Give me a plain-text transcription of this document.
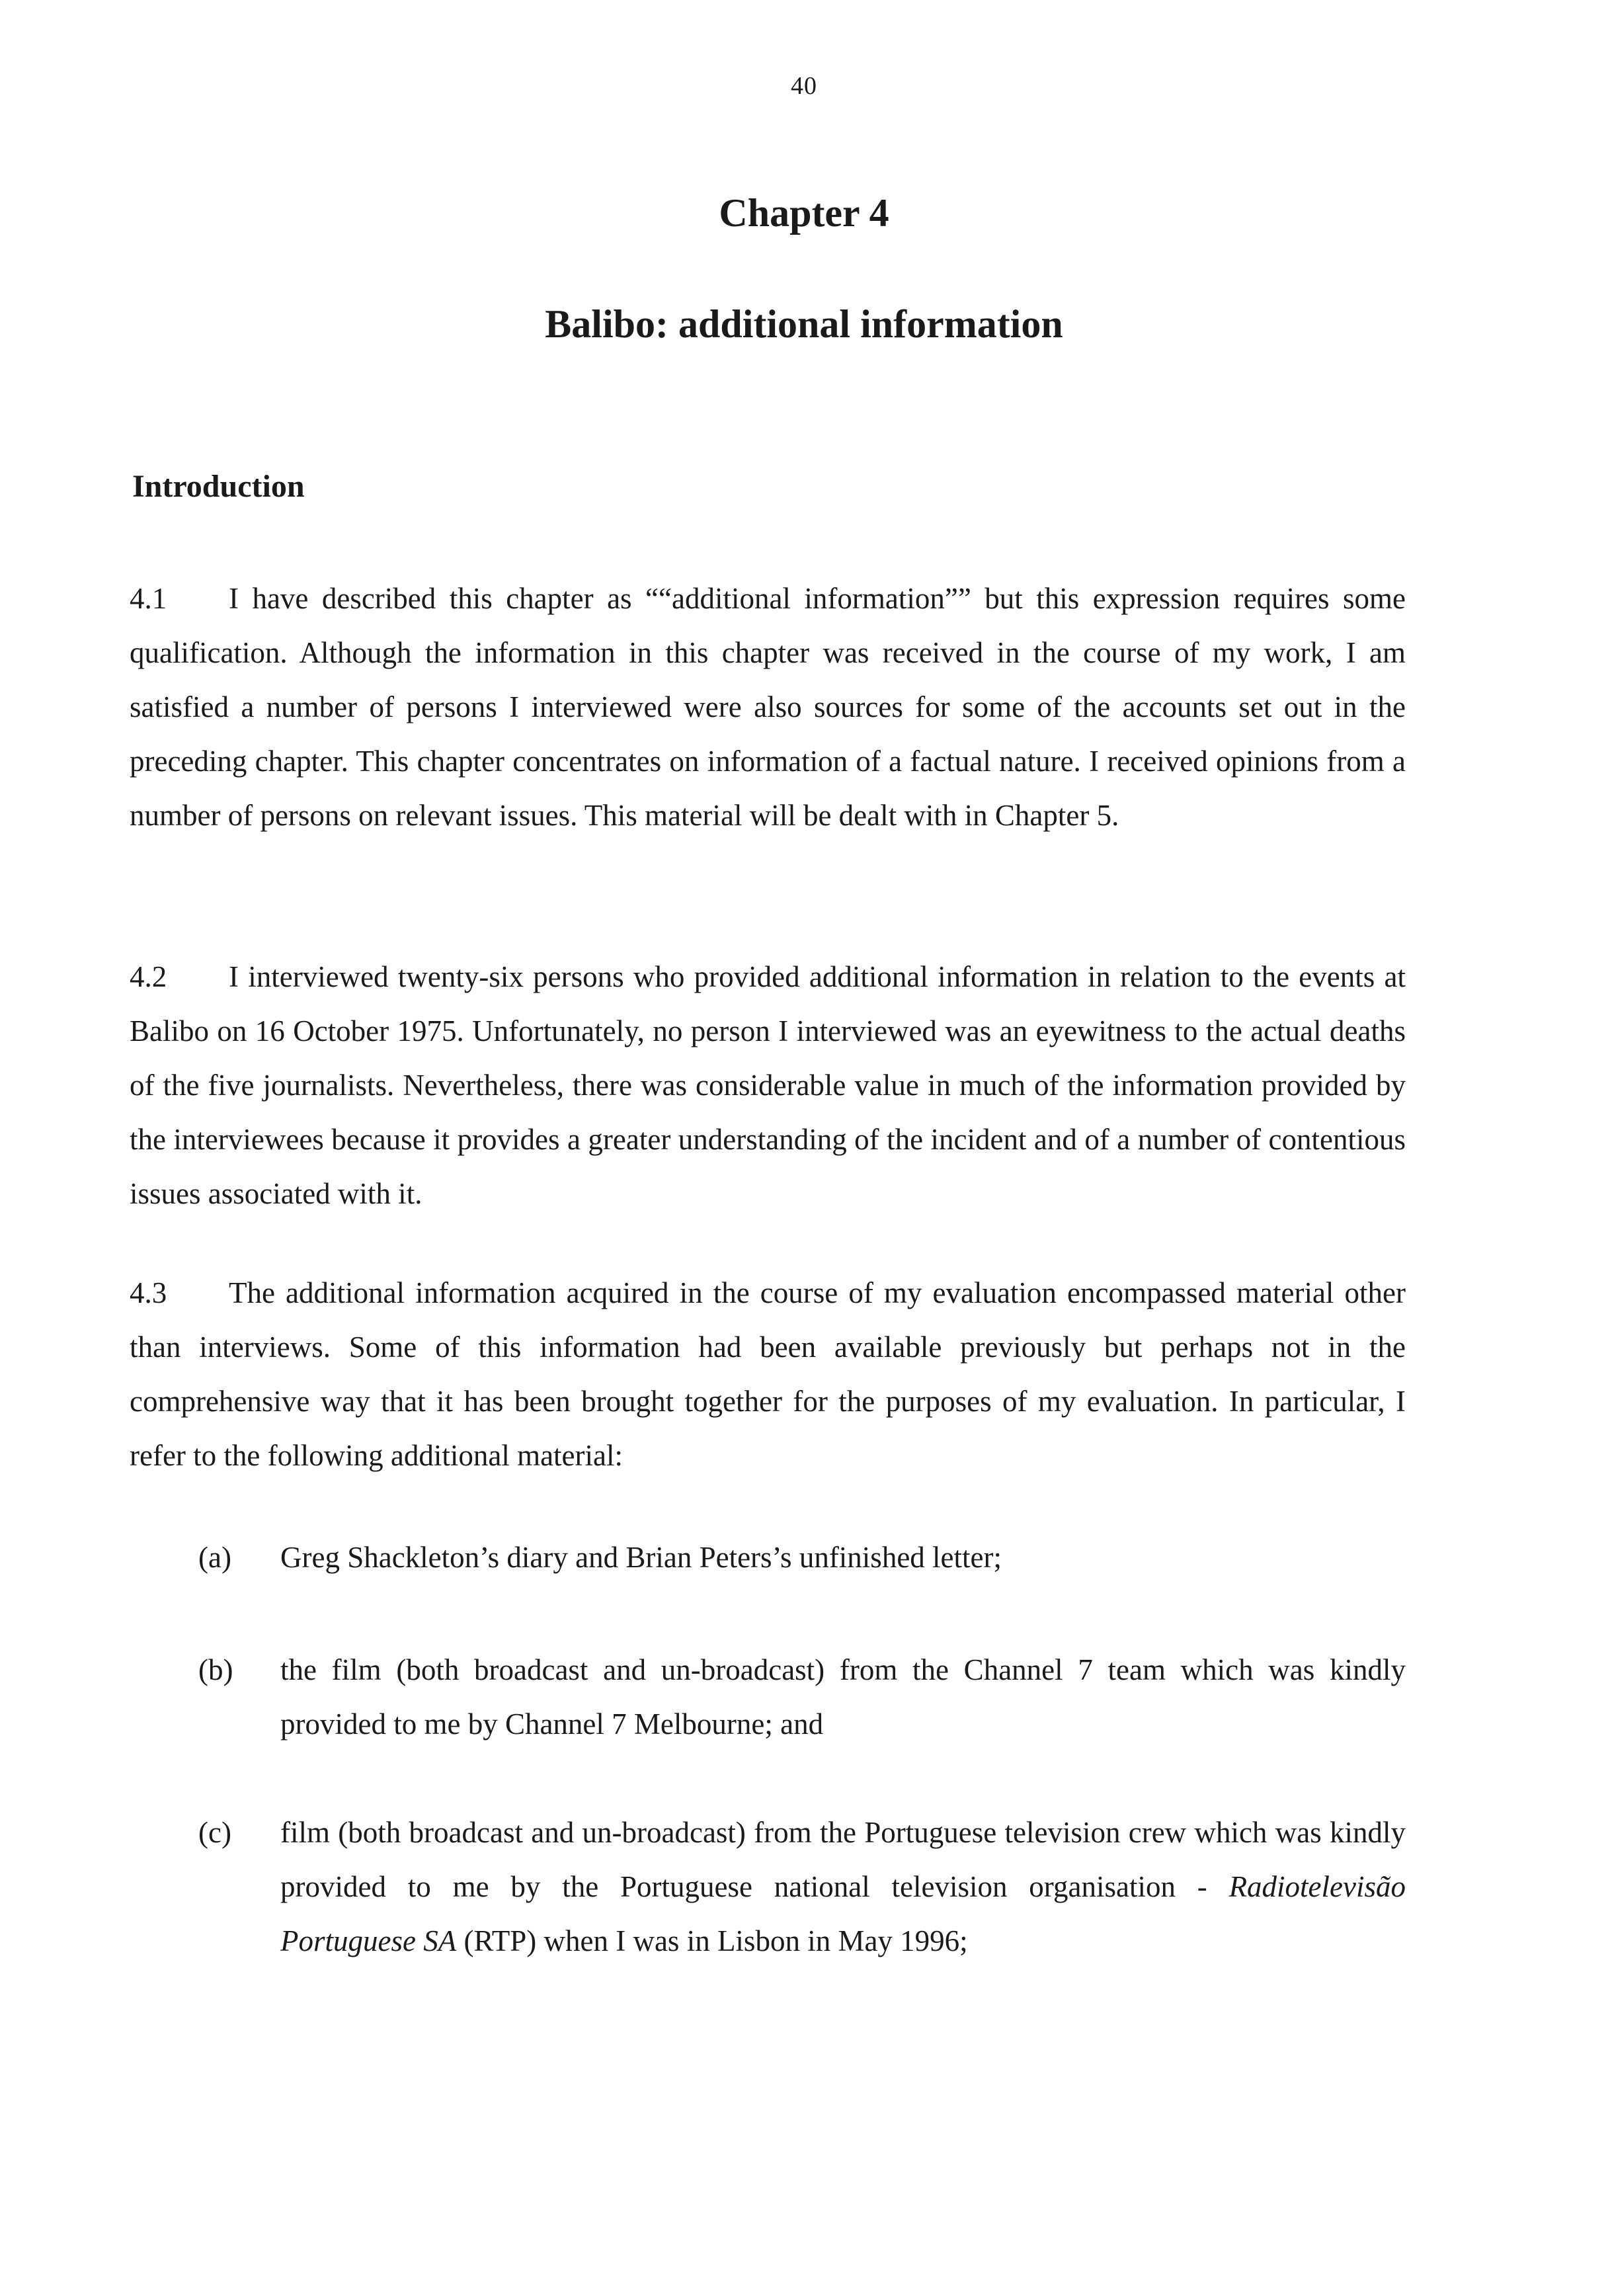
40
Chapter 4
Balibo: additional information
Introduction

4.1 I have described this chapter as ““additional information”” but this expression requires some qualification. Although the information in this chapter was received in the course of my work, I am satisfied a number of persons I interviewed were also sources for some of the accounts set out in the preceding chapter. This chapter concentrates on information of a factual nature. I received opinions from a number of persons on relevant issues. This material will be dealt with in Chapter 5.

4.2 I interviewed twenty-six persons who provided additional information in relation to the events at Balibo on 16 October 1975. Unfortunately, no person I interviewed was an eyewitness to the actual deaths of the five journalists. Nevertheless, there was considerable value in much of the information provided by the interviewees because it provides a greater understanding of the incident and of a number of contentious issues associated with it.

4.3 The additional information acquired in the course of my evaluation encompassed material other than interviews. Some of this information had been available previously but perhaps not in the comprehensive way that it has been brought together for the purposes of my evaluation. In particular, I refer to the following additional material:

(a)	Greg Shackleton’s diary and Brian Peters’s unfinished letter;
(b)	the film (both broadcast and un-broadcast) from the Channel 7 team which was kindly provided to me by Channel 7 Melbourne; and
(c)	film (both broadcast and un-broadcast) from the Portuguese television crew which was kindly provided to me by the Portuguese national television organisation - Radiotelevisão Portuguese SA (RTP) when I was in Lisbon in May 1996;
